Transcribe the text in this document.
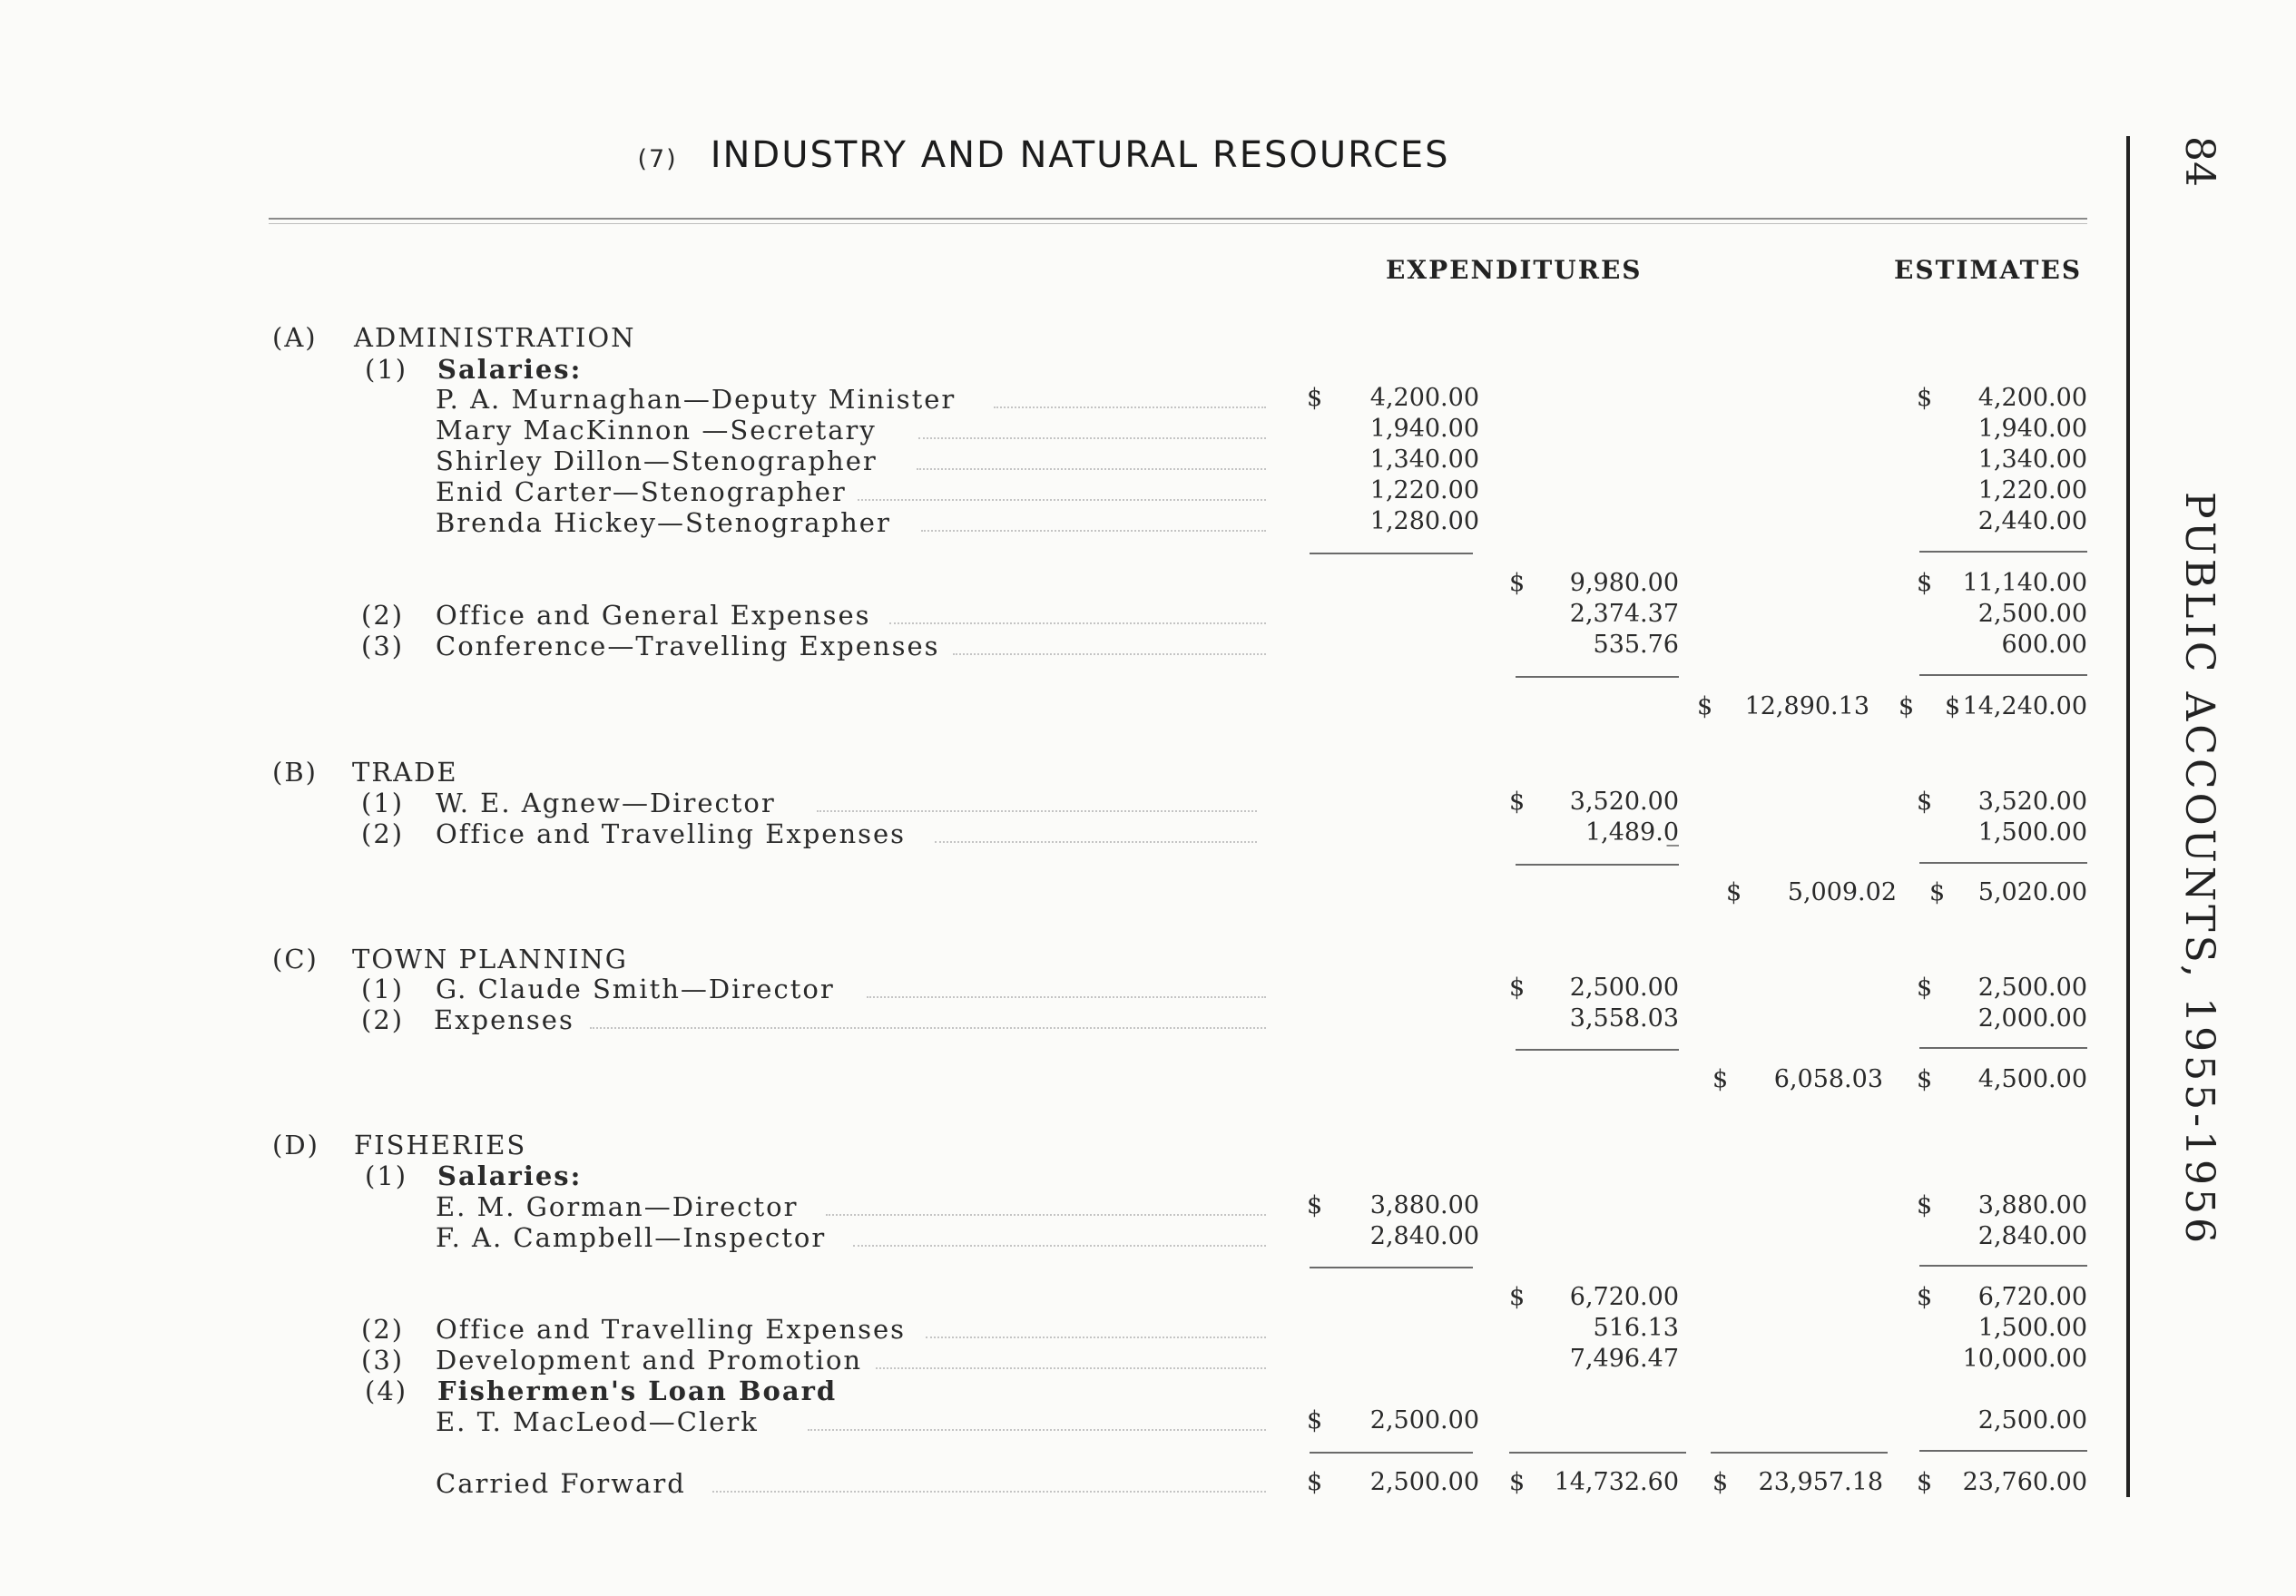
(7) INDUSTRY AND NATURAL RESOURCES	84
PUBLIC ACCOUNTS, 1955-1956
EXPENDITURES	ESTIMATES
(A) ADMINISTRATION
(1) Salaries:
P. A. Murnaghan—Deputy Minister	$	4,200.00	$	4,200.00
Mary MacKinnon —Secretary	1,940.00	1,940.00
Shirley Dillon—Stenographer	1,340.00	1,340.00
Enid Carter—Stenographer	1,220.00	1,220.00
Brenda Hickey—Stenographer	1,280.00	2,440.00
$	9,980.00	$	11,140.00
(2) Office and General Expenses	2,374.37	2,500.00
(3) Conference—Travelling Expenses	535.76	600.00
$	12,890.13 $ $ 14,240.00
(B) TRADE
(1) W. E. Agnew—Director	$	3,520.00	$	3,520.00
(2) Office and Travelling Expenses	1,489.0̲	1,500.00
$	5,009.02 $	5,020.00
(C) TOWN PLANNING
(1) G. Claude Smith—Director	$	2,500.00	$	2,500.00
(2) Expenses	3,558.03	2,000.00
$	6,058.03 $	4,500.00
(D) FISHERIES
(1) Salaries:
E. M. Gorman—Director	$	3,880.00	$	3,880.00
F. A. Campbell—Inspector	2,840.00	2,840.00
$	6,720.00	$	6,720.00
(2) Office and Travelling Expenses	516.13	1,500.00
(3) Development and Promotion	7,496.47	10,000.00
(4) Fishermen's Loan Board
E. T. MacLeod—Clerk	$	2,500.00	2,500.00
Carried Forward	$	2,500.00 $	14,732.60 $	23,957.18 $	23,760.00
